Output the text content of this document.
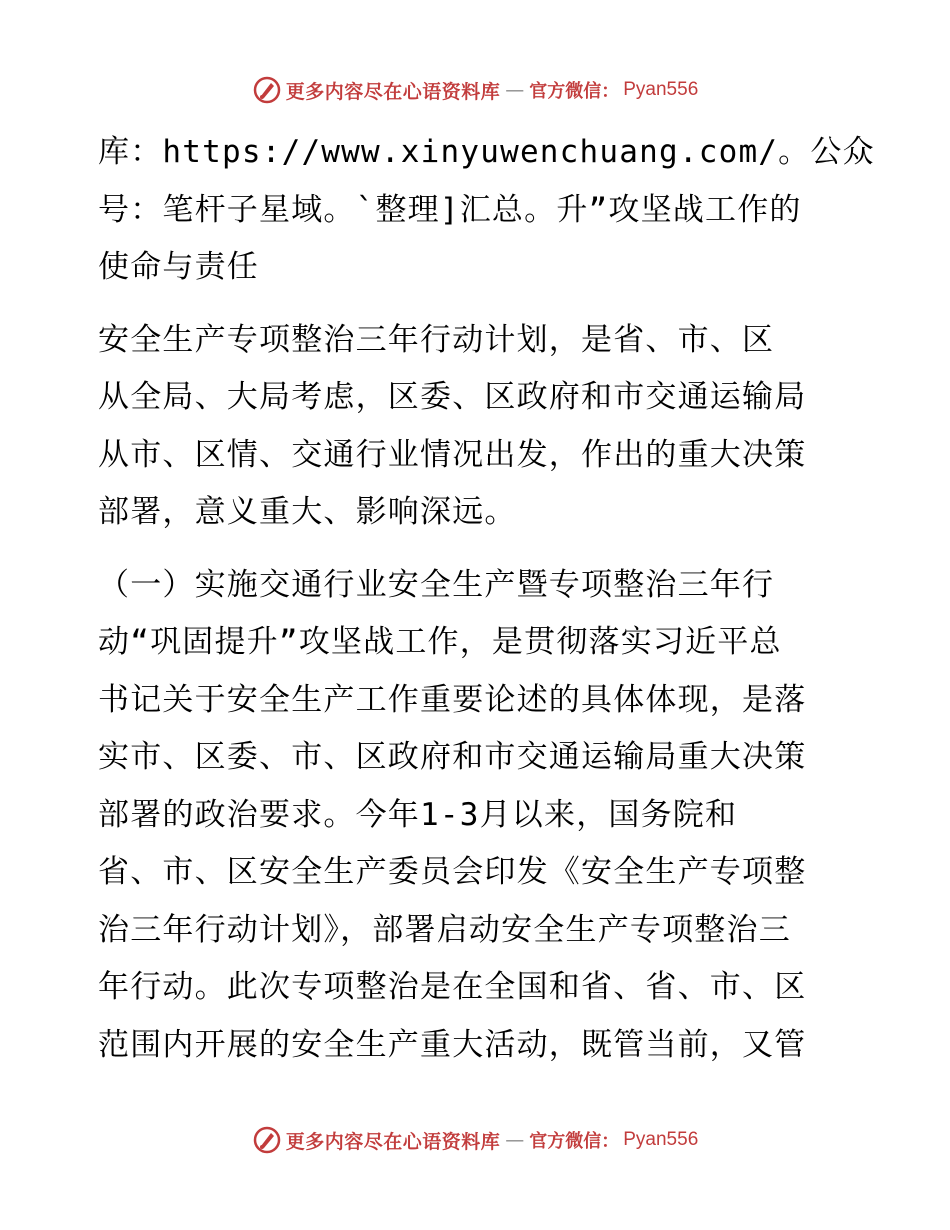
更多内容尽在心语资料库 — 官方微信： Pyan556
库：https://www.xinyuwenchuang.com/。公众
号：笔杆子星域。`整理]汇总。升”攻坚战工作的
使命与责任
安全生产专项整治三年行动计划，是省、市、区
从全局、大局考虑，区委、区政府和市交通运输局
从市、区情、交通行业情况出发，作出的重大决策
部署，意义重大、影响深远。
（一）实施交通行业安全生产暨专项整治三年行
动“巩固提升”攻坚战工作，是贯彻落实习近平总
书记关于安全生产工作重要论述的具体体现，是落
实市、区委、市、区政府和市交通运输局重大决策
部署的政治要求。今年1-3月以来，国务院和
省、市、区安全生产委员会印发《安全生产专项整
治三年行动计划》，部署启动安全生产专项整治三
年行动。此次专项整治是在全国和省、省、市、区
范围内开展的安全生产重大活动，既管当前，又管
更多内容尽在心语资料库 — 官方微信： Pyan556
